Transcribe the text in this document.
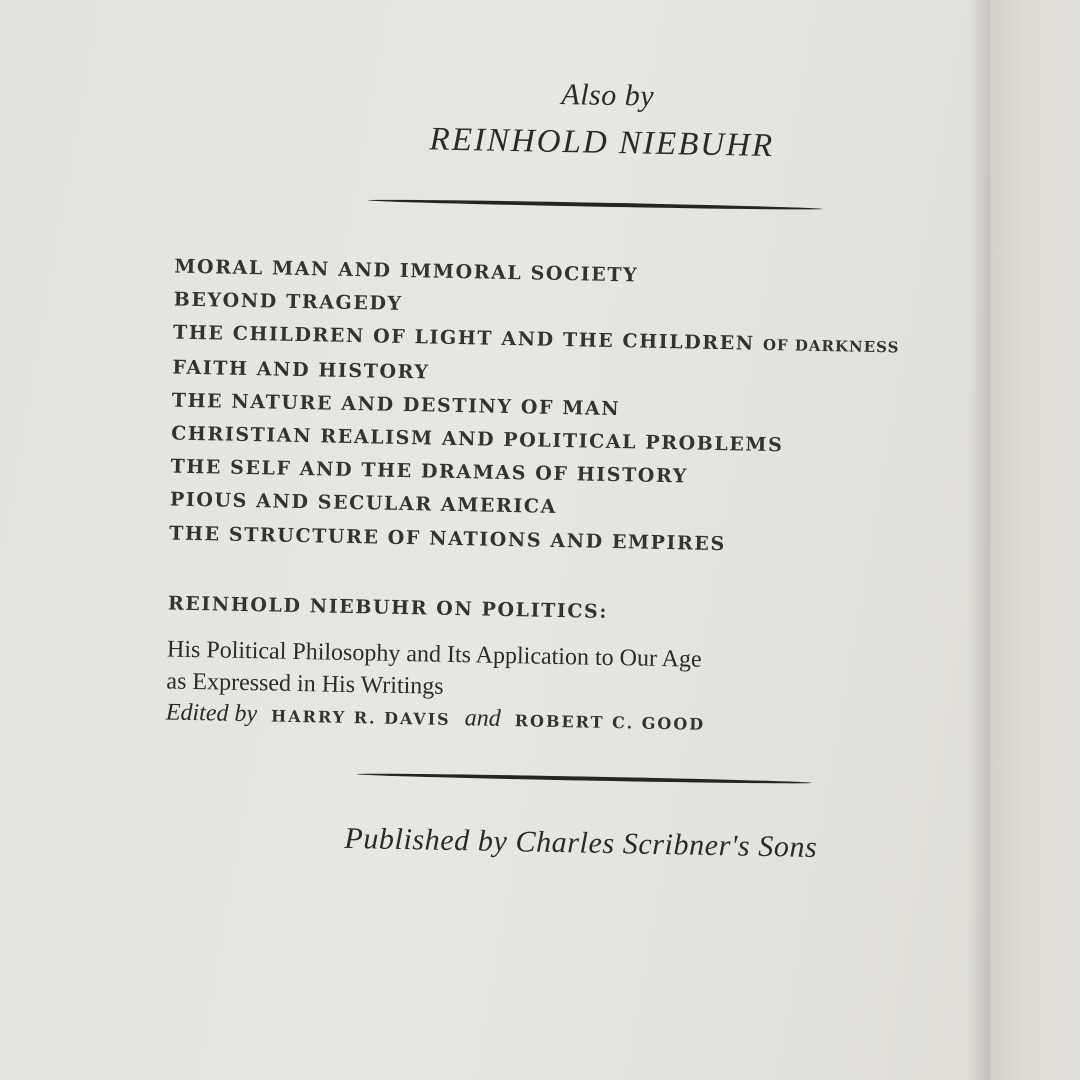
Also by
REINHOLD NIEBUHR
MORAL MAN AND IMMORAL SOCIETY
BEYOND TRAGEDY
THE CHILDREN OF LIGHT AND THE CHILDREN OF DARKNESS
FAITH AND HISTORY
THE NATURE AND DESTINY OF MAN
CHRISTIAN REALISM AND POLITICAL PROBLEMS
THE SELF AND THE DRAMAS OF HISTORY
PIOUS AND SECULAR AMERICA
THE STRUCTURE OF NATIONS AND EMPIRES
REINHOLD NIEBUHR ON POLITICS:
His Political Philosophy and Its Application to Our Age
as Expressed in His Writings
Edited by HARRY R. DAVIS and ROBERT C. GOOD
Published by Charles Scribner's Sons
